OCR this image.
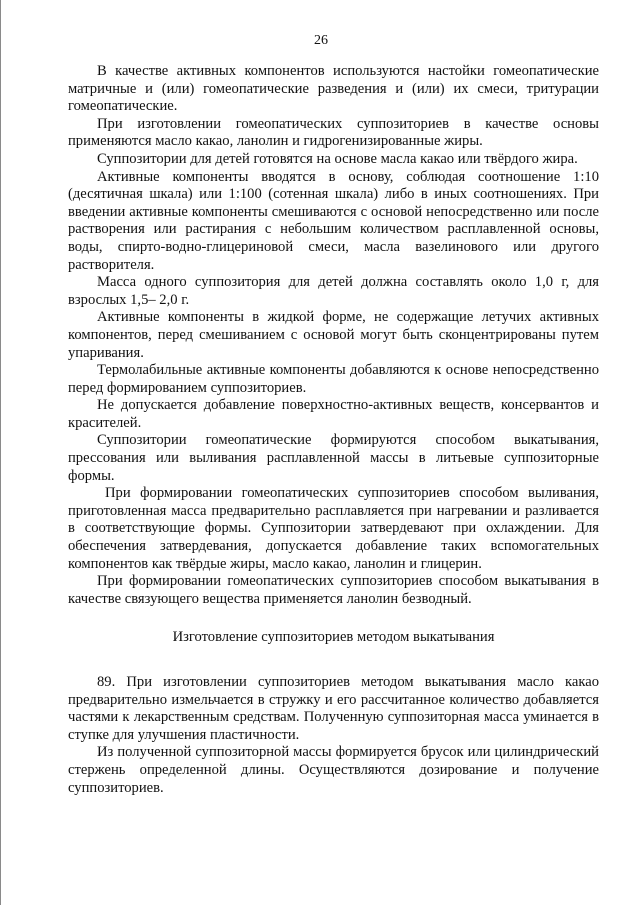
26

В качестве активных компонентов используются настойки гомеопатические матричные и (или) гомеопатические разведения и (или) их смеси, тритурации гомеопатические.

При изготовлении гомеопатических суппозиториев в качестве основы применяются масло какао, ланолин и гидрогенизированные жиры.

Суппозитории для детей готовятся на основе масла какао или твёрдого жира.

Активные компоненты вводятся в основу, соблюдая соотношение 1:10 (десятичная шкала) или 1:100 (сотенная шкала) либо в иных соотношениях. При введении активные компоненты смешиваются с основой непосредственно или после растворения или растирания с небольшим количеством расплавленной основы, воды, спирто-водно-глицериновой смеси, масла вазелинового или другого растворителя.

Масса одного суппозитория для детей должна составлять около 1,0 г, для взрослых 1,5– 2,0 г.

Активные компоненты в жидкой форме, не содержащие летучих активных компонентов, перед смешиванием с основой могут быть сконцентрированы путем упаривания.

Термолабильные активные компоненты добавляются к основе непосредственно перед формированием суппозиториев.

Не допускается добавление поверхностно-активных веществ, консервантов и красителей.

Суппозитории гомеопатические формируются способом выкатывания, прессования или выливания расплавленной массы в литьевые суппозиторные формы.

При формировании гомеопатических суппозиториев способом выливания, приготовленная масса предварительно расплавляется при нагревании и разливается в соответствующие формы. Суппозитории затвердевают при охлаждении. Для обеспечения затвердевания, допускается добавление таких вспомогательных компонентов как твёрдые жиры, масло какао, ланолин и глицерин.

При формировании гомеопатических суппозиториев способом выкатывания в качестве связующего вещества применяется ланолин безводный.

Изготовление суппозиториев методом выкатывания

89. При изготовлении суппозиториев методом выкатывания масло какао предварительно измельчается в стружку и его рассчитанное количество добавляется частями к лекарственным средствам. Полученную суппозиторная масса уминается в ступке для улучшения пластичности.

Из полученной суппозиторной массы формируется брусок или цилиндрический стержень определенной длины. Осуществляются дозирование и получение суппозиториев.
